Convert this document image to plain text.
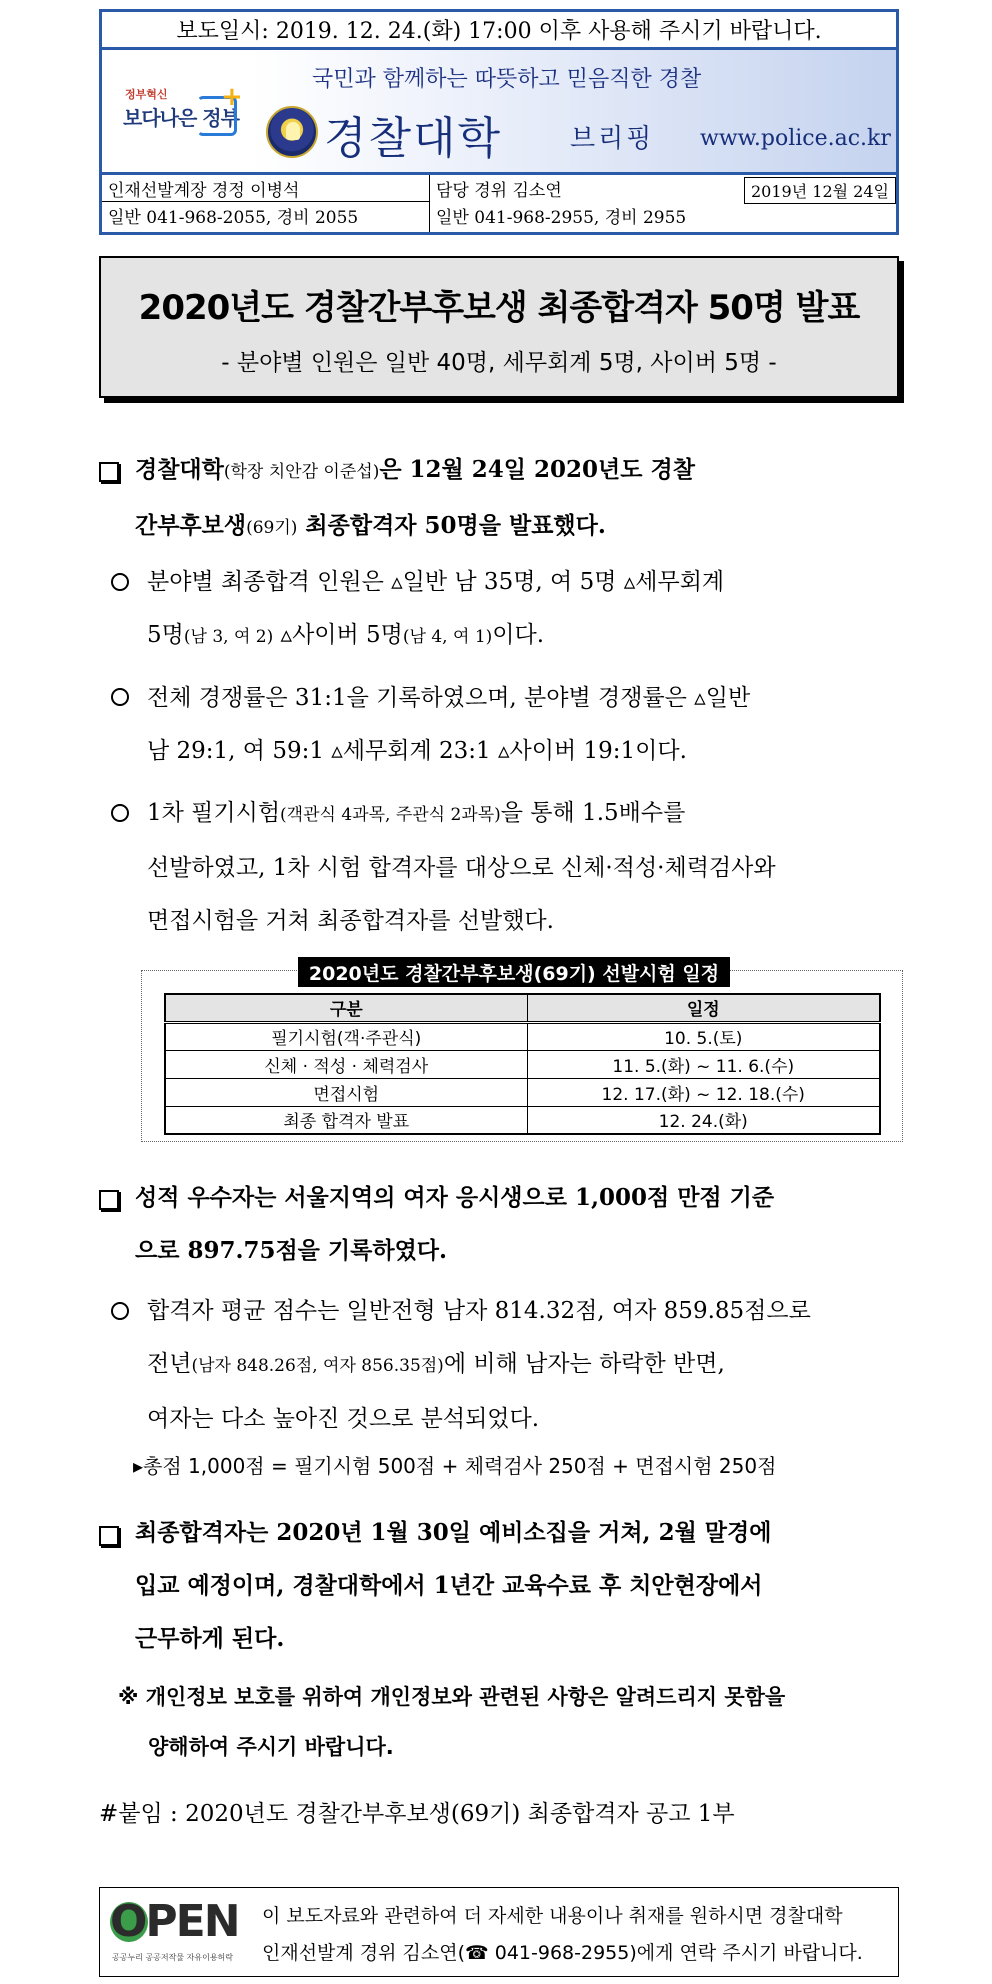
보도일시: 2019. 12. 24.(화) 17:00 이후 사용해 주시기 바랍니다.
정부혁신
보다나은 정부
+
국민과 함께하는 따뜻하고 믿음직한 경찰
경찰대학	브리핑 www.police.ac.kr
인재선발계장 경정 이병석
일반 041-968-2055, 경비 2055
담당 경위 김소연
일반 041-968-2955, 경비 2955
2019년 12월 24일
2020년도 경찰간부후보생 최종합격자 50명 발표
- 분야별 인원은 일반 40명, 세무회계 5명, 사이버 5명 -
경찰대학(학장 치안감 이준섭)은 12월 24일 2020년도 경찰
간부후보생(69기) 최종합격자 50명을 발표했다.
분야별 최종합격 인원은 ▵일반 남 35명, 여 5명 ▵세무회계
5명(남 3, 여 2) ▵사이버 5명(남 4, 여 1)이다.
전체 경쟁률은 31:1을 기록하였으며, 분야별 경쟁률은 ▵일반
남 29:1, 여 59:1 ▵세무회계 23:1 ▵사이버 19:1이다.
1차 필기시험(객관식 4과목, 주관식 2과목)을 통해 1.5배수를
선발하였고, 1차 시험 합격자를 대상으로 신체·적성·체력검사와
면접시험을 거쳐 최종합격자를 선발했다.
2020년도 경찰간부후보생(69기) 선발시험 일정
구분	일정
필기시험(객·주관식)	10. 5.(토)
신체 · 적성 · 체력검사	11. 5.(화) ~ 11. 6.(수)
면접시험	12. 17.(화) ~ 12. 18.(수)
최종 합격자 발표	12. 24.(화)
성적 우수자는 서울지역의 여자 응시생으로 1,000점 만점 기준
으로 897.75점을 기록하였다.
합격자 평균 점수는 일반전형 남자 814.32점, 여자 859.85점으로
전년(남자 848.26점, 여자 856.35점)에 비해 남자는 하락한 반면,
여자는 다소 높아진 것으로 분석되었다.
▸총점 1,000점 = 필기시험 500점 + 체력검사 250점 + 면접시험 250점
최종합격자는 2020년 1월 30일 예비소집을 거쳐, 2월 말경에
입교 예정이며, 경찰대학에서 1년간 교육수료 후 치안현장에서
근무하게 된다.
※ 개인정보 보호를 위하여 개인정보와 관련된 사항은 알려드리지 못함을
양해하여 주시기 바랍니다.
#붙임 : 2020년도 경찰간부후보생(69기) 최종합격자 공고 1부
OPEN
공공누리 공공저작물 자유이용허락
이 보도자료와 관련하여 더 자세한 내용이나 취재를 원하시면 경찰대학
인재선발계 경위 김소연(☎ 041-968-2955)에게 연락 주시기 바랍니다.
